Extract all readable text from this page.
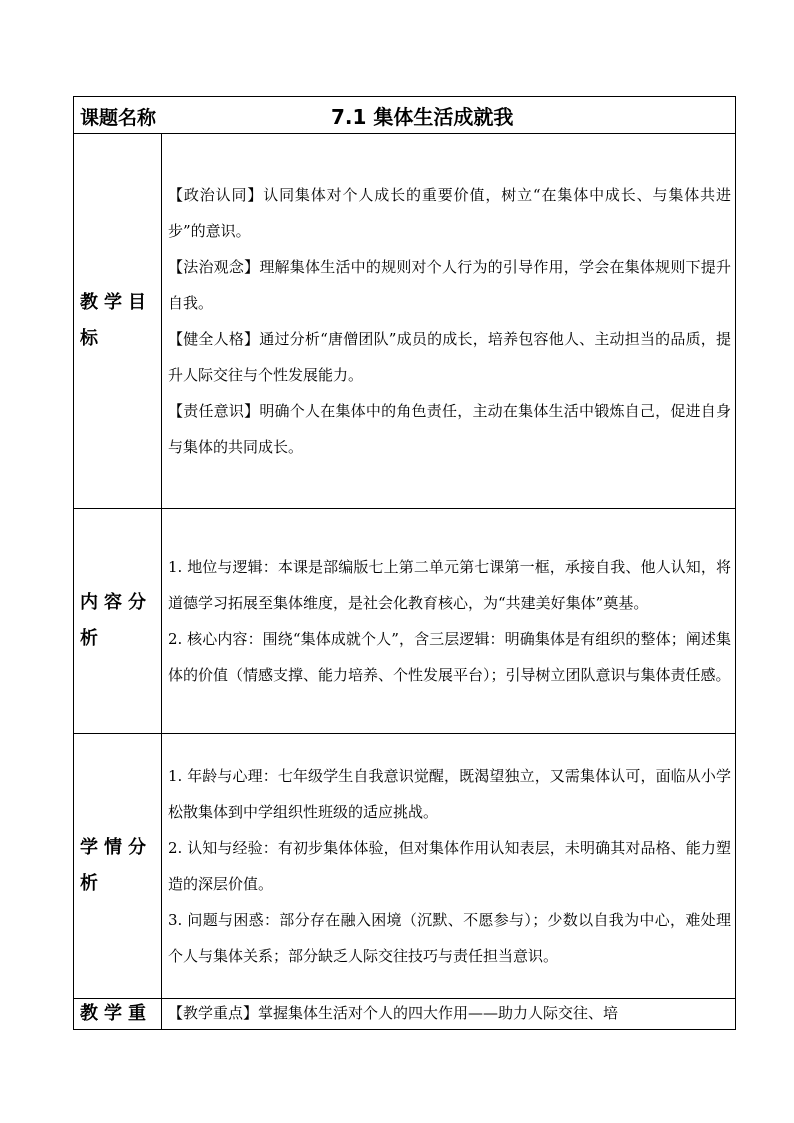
课题名称 7.1 集体生活成就我	
教学目标	【政治认同】认同集体对个人成长的重要价值，树立“在集体中成长、与集体共进步”的意识。

【法治观念】理解集体生活中的规则对个人行为的引导作用，学会在集体规则下提升自我。

【健全人格】通过分析“唐僧团队”成员的成长，培养包容他人、主动担当的品质，提升人际交往与个性发展能力。

【责任意识】明确个人在集体中的角色责任，主动在集体生活中锻炼自己，促进自身与集体的共同成长。

内容分析	1. 地位与逻辑：本课是部编版七上第二单元第七课第一框，承接自我、他人认知，将道德学习拓展至集体维度，是社会化教育核心，为“共建美好集体”奠基。

2. 核心内容：围绕“集体成就个人”，含三层逻辑：明确集体是有组织的整体；阐述集体的价值（情感支撑、能力培养、个性发展平台）；引导树立团队意识与集体责任感。

学情分析	1. 年龄与心理：七年级学生自我意识觉醒，既渴望独立，又需集体认可，面临从小学松散集体到中学组织性班级的适应挑战。

2. 认知与经验：有初步集体体验，但对集体作用认知表层，未明确其对品格、能力塑造的深层价值。

3. 问题与困惑：部分存在融入困境（沉默、不愿参与）；少数以自我为中心，难处理个人与集体关系；部分缺乏人际交往技巧与责任担当意识。

教学重	【教学重点】掌握集体生活对个人的四大作用——助力人际交往、培
